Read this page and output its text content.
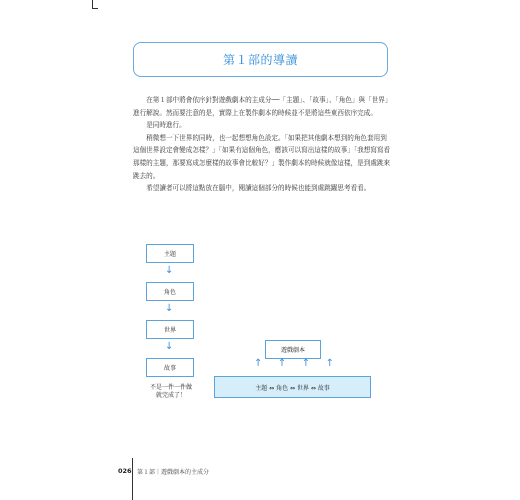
第１部的導讀

在第１部中將會依序針對遊戲劇本的主成分──「主題」、「故事」、「角色」與「世界」進行解說。然而要注意的是，實際上在製作劇本的時候並不是將這些東西依序完成。

是同時進行。

稍微想一下世界的同時，也一起想想角色設定。「如果把其他劇本想到的角色套用到這個世界設定會變成怎樣？」「如果有這個角色，應該可以寫出這樣的故事」「我想寫寫看那樣的主題，那要寫成怎麼樣的故事會比較好？」製作劇本的時候就像這樣，是到處跳來跳去的。

希望讀者可以將這點放在腦中，閱讀這個部分的時候也能到處跳躍思考看看。

主題
↓
角色
↓
世界
↓
故事
不是一件一件做
就完成了！
遊戲劇本
↑ ↑ ↑ ↑
主題 ⇔ 角色 ⇔ 世界 ⇔ 故事
026 第１部｜遊戲劇本的主成分
